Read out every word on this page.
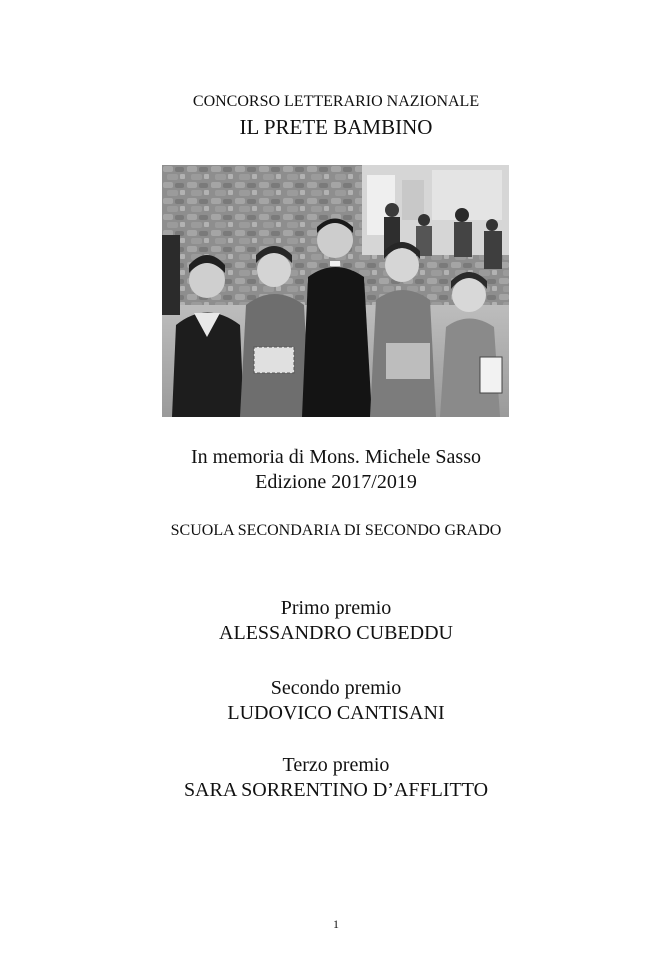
CONCORSO LETTERARIO NAZIONALE
IL PRETE BAMBINO
In memoria di Mons. Michele Sasso
Edizione 2017/2019
SCUOLA SECONDARIA DI SECONDO GRADO
Primo premio
ALESSANDRO CUBEDDU
Secondo premio
LUDOVICO CANTISANI
Terzo premio
SARA SORRENTINO D’AFFLITTO
1
